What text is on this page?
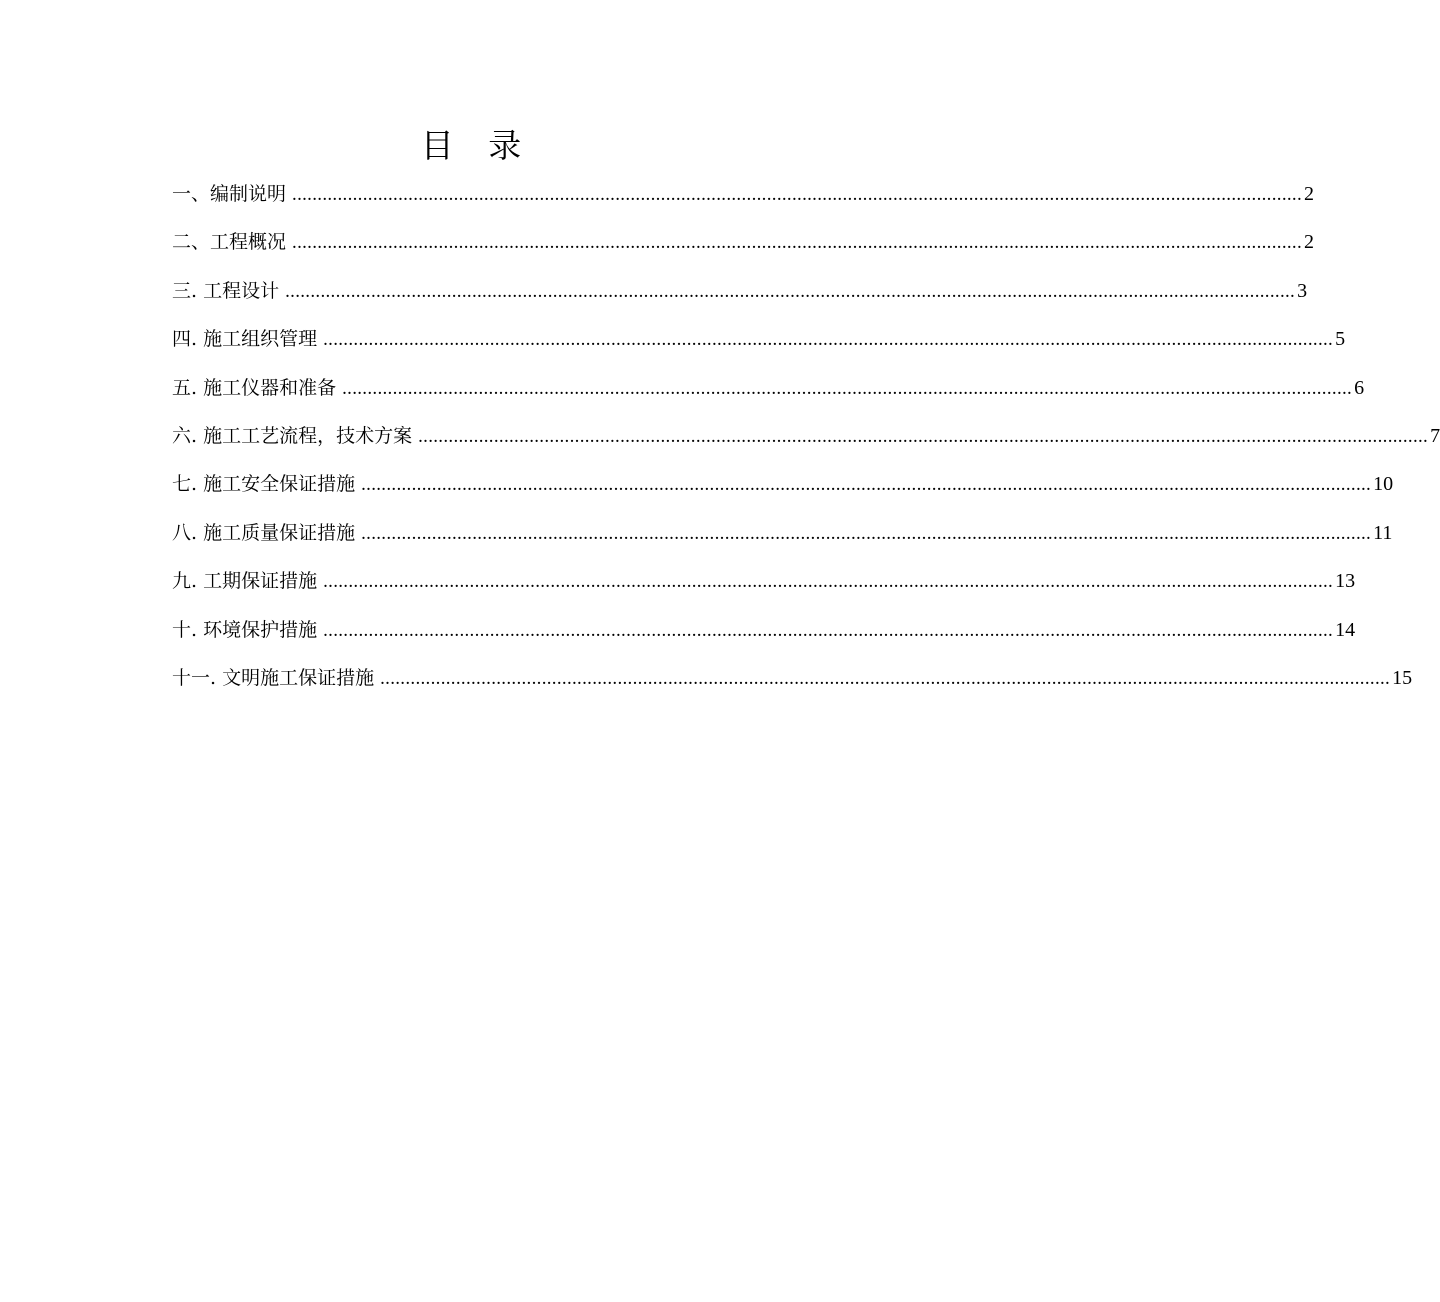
目 录
一、编制说明 ........................................................................................................................................................................................................ 2
二、工程概况 ........................................................................................................................................................................................................ 2
三. 工程设计 ........................................................................................................................................................................................................ 3
四. 施工组织管理 ........................................................................................................................................................................................................ 5
五. 施工仪器和准备 ........................................................................................................................................................................................................ 6
六. 施工工艺流程，技术方案 ........................................................................................................................................................................................................ 7
七. 施工安全保证措施 ........................................................................................................................................................................................................ 10
八. 施工质量保证措施 ........................................................................................................................................................................................................ 11
九. 工期保证措施 ........................................................................................................................................................................................................ 13
十. 环境保护措施 ........................................................................................................................................................................................................ 14
十一. 文明施工保证措施 ........................................................................................................................................................................................................ 15
